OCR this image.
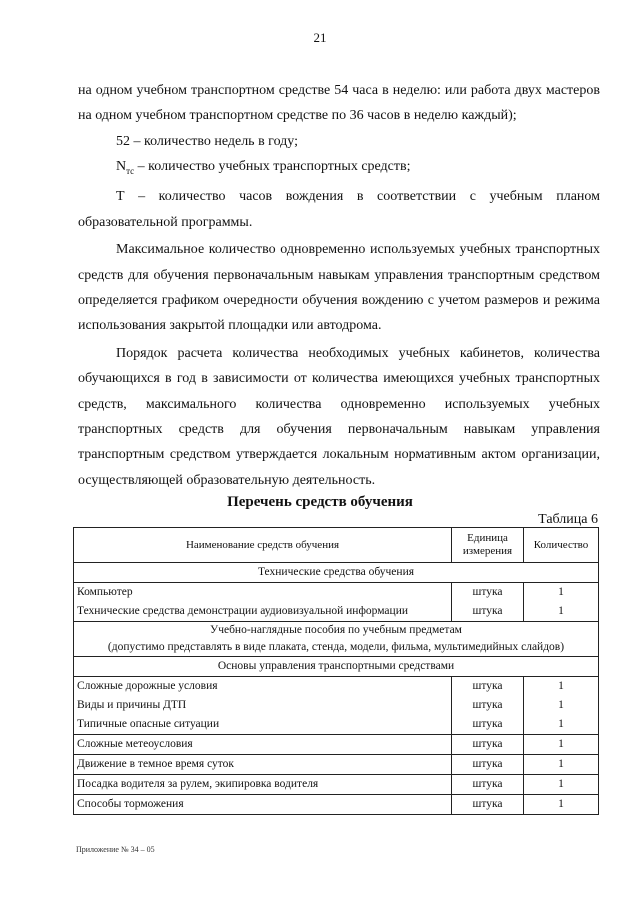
21

на одном учебном транспортном средстве 54 часа в неделю: или работа двух мастеров на одном учебном транспортном средстве по 36 часов в неделю каждый);

52 – количество недель в году;

$N_{тс}$ – количество учебных транспортных средств;

Т – количество часов вождения в соответствии с учебным планом образовательной программы.

Максимальное количество одновременно используемых учебных транспортных средств для обучения первоначальным навыкам управления транспортным средством определяется графиком очередности обучения вождению с учетом размеров и режима использования закрытой площадки или автодрома.

Порядок расчета количества необходимых учебных кабинетов, количества обучающихся в год в зависимости от количества имеющихся учебных транспортных средств, максимального количества одновременно используемых учебных транспортных средств для обучения первоначальным навыкам управления транспортным средством утверждается локальным нормативным актом организации, осуществляющей образовательную деятельность.

Перечень средств обучения
Таблица 6
Наименование средств обучения	Единица измерения	Количество
Технические средства обучения		
Компьютер	штука	1
Технические средства демонстрации аудиовизуальной информации	штука	1

Учебно-наглядные пособия по учебным предметам
(допустимо представлять в виде плаката, стенда, модели, фильма, мультимедийных слайдов)		

Основы управления транспортными средствами		
Сложные дорожные условия	штука	1
Виды и причины ДТП	штука	1
Типичные опасные ситуации	штука	1
Сложные метеоусловия	штука	1
Движение в темное время суток	штука	1
Посадка водителя за рулем, экипировка водителя	штука	1
Способы торможения	штука	1
Приложение № 34 – 05
